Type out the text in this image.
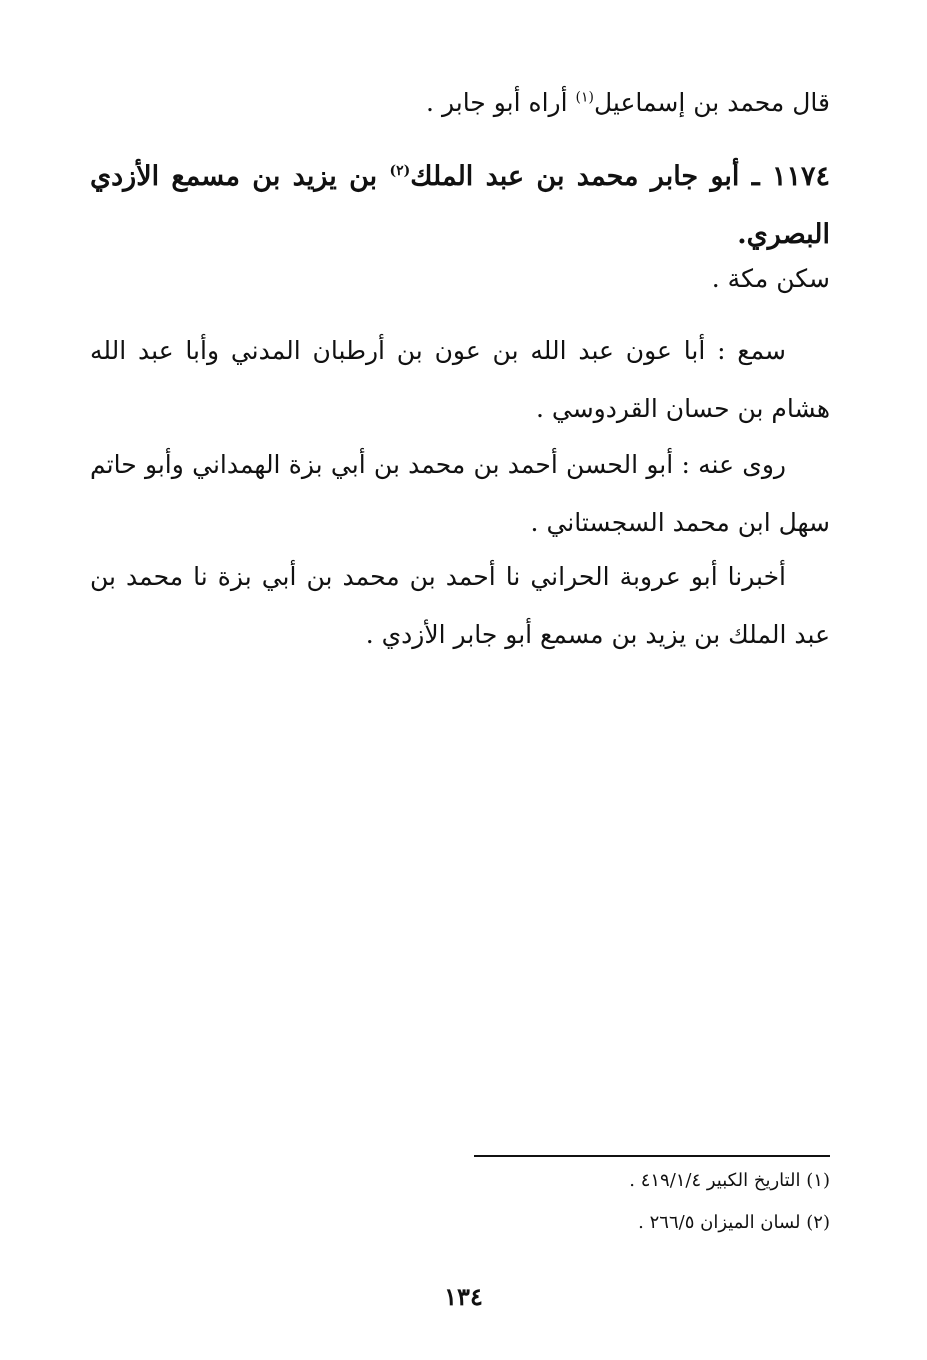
قال محمد بن إسماعيل$^{(١)}$ أراه أبو جابر .
١١٧٤ ـ أبو جابر محمد بن عبد الملك$^{(٢)}$ بن يزيد بن مسمع الأزدي البصري.
سكن مكة .
سمع : أبا عون عبد الله بن عون بن أرطبان المدني وأبا عبد الله هشام بن حسان القردوسي .
روى عنه : أبو الحسن أحمد بن محمد بن أبي بزة الهمداني وأبو حاتم سهل ابن محمد السجستاني .
أخبرنا أبو عروبة الحراني نا أحمد بن محمد بن أبي بزة نا محمد بن عبد الملك بن يزيد بن مسمع أبو جابر الأزدي .
(١) التاريخ الكبير ٤١٩/١/٤ .
(٢) لسان الميزان ٢٦٦/٥ .
١٣٤
